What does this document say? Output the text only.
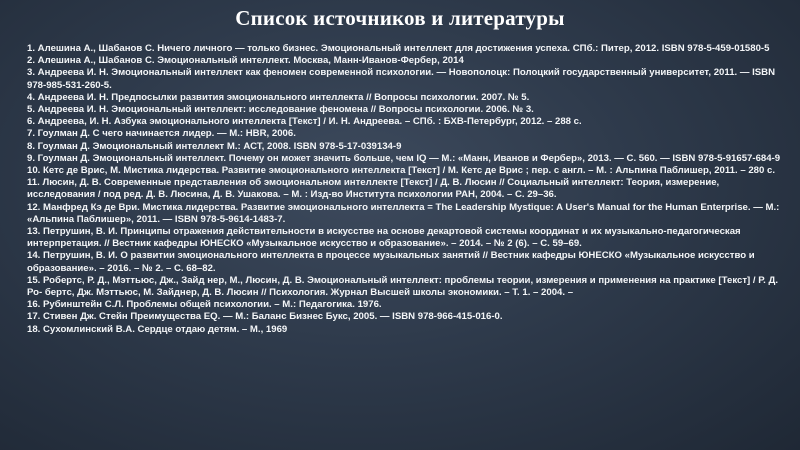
Список источников и литературы
1. Алешина А., Шабанов С. Ничего личного — только бизнес. Эмоциональный интеллект для достижения успеха. СПб.: Питер, 2012. ISBN 978-5-459-01580-5
2. Алешина А., Шабанов С. Эмоциональный интеллект. Москва, Манн-Иванов-Фербер, 2014
3. Андреева И. Н. Эмоциональный интеллект как феномен современной психологии. — Новополоцк: Полоцкий государственный университет, 2011. — ISBN 978-985-531-260-5.
4. Андреева И. Н. Предпосылки развития эмоционального интеллекта // Вопросы психологии. 2007. № 5.
5. Андреева И. Н. Эмоциональный интеллект: исследование феномена // Вопросы психологии. 2006. № 3.
6. Андреева, И. Н. Азбука эмоционального интеллекта [Текст] / И. Н. Андреева. – СПб. : БХВ-Петербург, 2012. – 288 с.
7. Гоулман Д. С чего начинается лидер. — М.: HBR, 2006.
8. Гоулман Д. Эмоциональный интеллект М.: АСТ, 2008. ISBN 978-5-17-039134-9
9. Гоулман Д. Эмоциональный интеллект. Почему он может значить больше, чем IQ — М.: «Манн, Иванов и Фербер», 2013. — С. 560. — ISBN 978-5-91657-684-9
10. Кетс де Врис, М. Мистика лидерства. Развитие эмоционального интеллекта [Текст] / М. Кетс де Врис ; пер. с англ. – М. : Альпина Паблишер, 2011. – 280 с.
11. Люсин, Д. В. Современные представления об эмоциональном интеллекте [Текст] / Д. В. Люсин // Социальный интеллект: Теория, измерение, исследования / под ред. Д. В. Люсина, Д. В. Ушакова. – М. : Изд-во Института психологии РАН, 2004. – С. 29–36.
12. Манфред Кэ де Ври. Мистика лидерства. Развитие эмоционального интеллекта = The Leadership Mystique: A User's Manual for the Human Enterprise. — М.: «Альпина Паблишер», 2011. — ISBN 978-5-9614-1483-7.
13. Петрушин, В. И. Принципы отражения действительности в искусстве на основе декартовой системы координат и их музыкально-педагогическая интерпретация. // Вестник кафедры ЮНЕСКО «Музыкальное искусство и образование». – 2014. – № 2 (6). – С. 59–69.
14. Петрушин, В. И. О развитии эмоционального интеллекта в процессе музыкальных занятий // Вестник кафедры ЮНЕСКО «Музыкальное искусство и образование». – 2016. – № 2. – С. 68–82.
15. Робертс, Р. Д., Мэттьюс, Дж., Зайд нер, М., Люсин, Д. В. Эмоциональный интеллект: проблемы теории, измерения и применения на практике [Текст] / Р. Д. Ро- бертс, Дж. Мэттьюс, М. Зайднер, Д. В. Люсин // Психология. Журнал Высшей школы экономики. – Т. 1. – 2004. –
16. Рубинштейн С.Л. Проблемы общей психологии. – М.: Педагогика. 1976.
17. Стивен Дж. Стейн Преимущества EQ. — М.: Баланс Бизнес Букс, 2005. — ISBN 978-966-415-016-0.
18. Сухомлинский В.А. Сердце отдаю детям. – М., 1969
